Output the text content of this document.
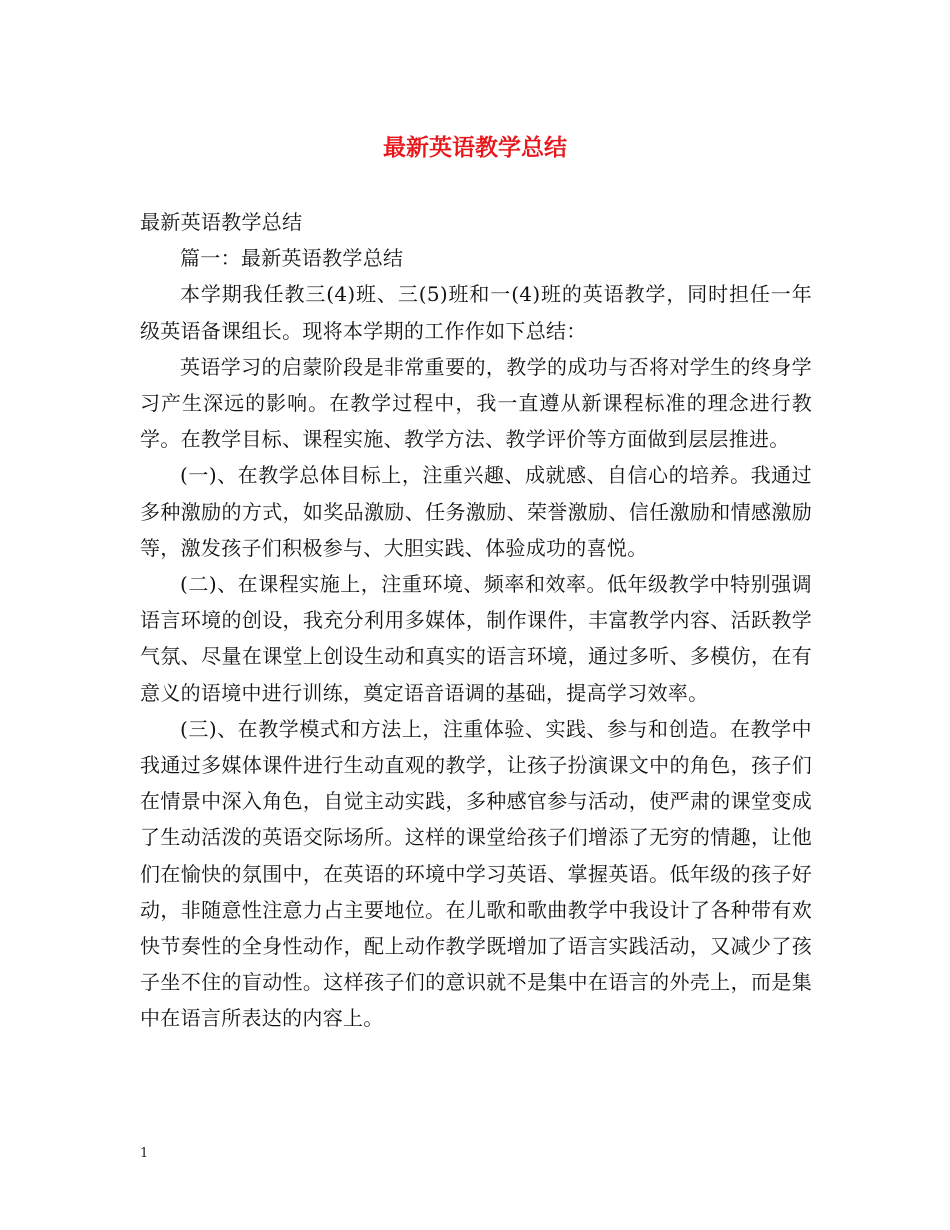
最新英语教学总结

最新英语教学总结

篇一：最新英语教学总结

本学期我任教三(4)班、三(5)班和一(4)班的英语教学，同时担任一年级英语备课组长。现将本学期的工作作如下总结：

英语学习的启蒙阶段是非常重要的，教学的成功与否将对学生的终身学习产生深远的影响。在教学过程中，我一直遵从新课程标准的理念进行教学。在教学目标、课程实施、教学方法、教学评价等方面做到层层推进。

(一)、在教学总体目标上，注重兴趣、成就感、自信心的培养。我通过多种激励的方式，如奖品激励、任务激励、荣誉激励、信任激励和情感激励等，激发孩子们积极参与、大胆实践、体验成功的喜悦。

(二)、在课程实施上，注重环境、频率和效率。低年级教学中特别强调语言环境的创设，我充分利用多媒体，制作课件，丰富教学内容、活跃教学气氛、尽量在课堂上创设生动和真实的语言环境，通过多听、多模仿，在有意义的语境中进行训练，奠定语音语调的基础，提高学习效率。

(三)、在教学模式和方法上，注重体验、实践、参与和创造。在教学中我通过多媒体课件进行生动直观的教学，让孩子扮演课文中的角色，孩子们在情景中深入角色，自觉主动实践，多种感官参与活动，使严肃的课堂变成了生动活泼的英语交际场所。这样的课堂给孩子们增添了无穷的情趣，让他们在愉快的氛围中，在英语的环境中学习英语、掌握英语。低年级的孩子好动，非随意性注意力占主要地位。在儿歌和歌曲教学中我设计了各种带有欢快节奏性的全身性动作，配上动作教学既增加了语言实践活动，又减少了孩子坐不住的盲动性。这样孩子们的意识就不是集中在语言的外壳上，而是集中在语言所表达的内容上。

1
